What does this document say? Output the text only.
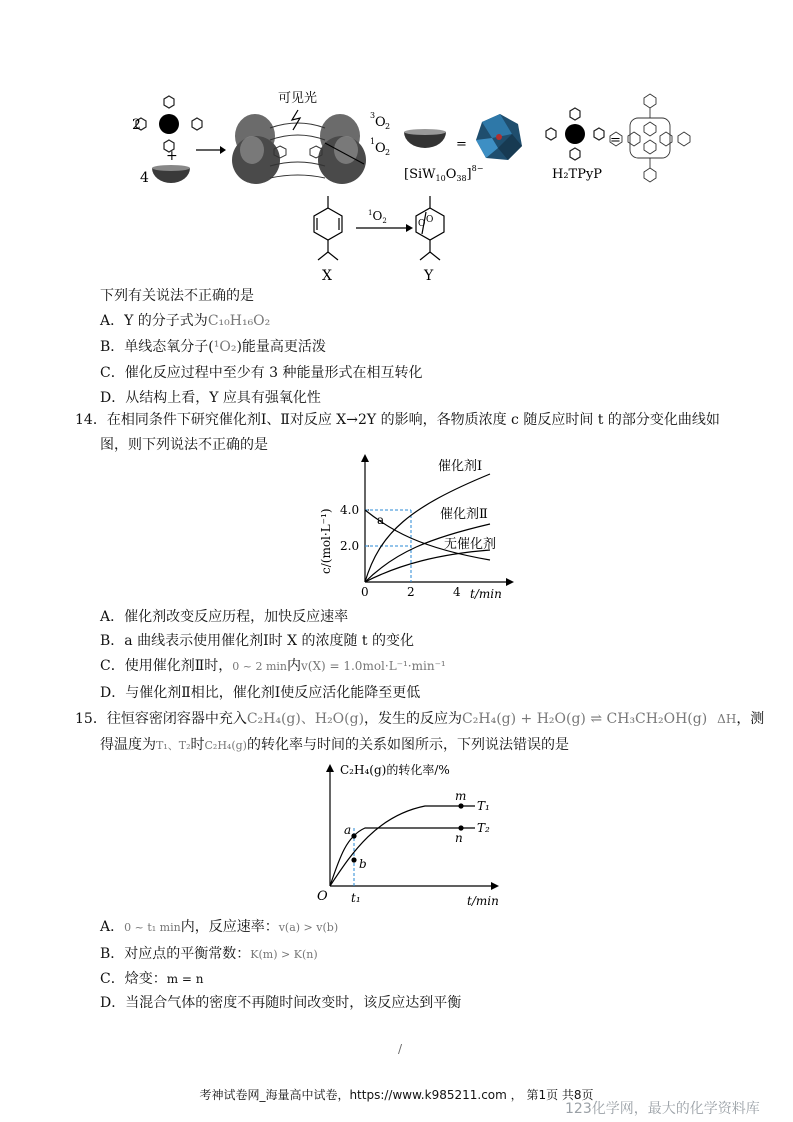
2
+
4
可见光
3 O 2
1 O 2
=
$[SiW_{10}O_{38}]^{8-}$
=
H₂TPyP
X
$^1O_2$	O O
Y
下列有关说法不正确的是
A．Y 的分子式为C₁₀H₁₆O₂
B．单线态氧分子(¹O₂)能量高更活泼
C．催化反应过程中至少有 3 种能量形式在相互转化
D．从结构上看，Y 应具有强氧化性
14．在相同条件下研究催化剂Ⅰ、Ⅱ对反应 X→2Y 的影响，各物质浓度 c 随反应时间 t 的部分变化曲线如
图，则下列说法不正确的是
4.0
2.0
0	2	4 t/min
c/(mol·L⁻¹)
催化剂Ⅰ
催化剂Ⅱ
无催化剂
a
A．催化剂改变反应历程，加快反应速率
B．a 曲线表示使用催化剂Ⅰ时 X 的浓度随 t 的变化
C．使用催化剂Ⅱ时，0 ~ 2 min内v(X) = 1.0mol·L⁻¹·min⁻¹
D．与催化剂Ⅱ相比，催化剂Ⅰ使反应活化能降至更低
15．往恒容密闭容器中充入C₂H₄(g)、H₂O(g)，发生的反应为C₂H₄(g) + H₂O(g) ⇌ CH₃CH₂OH(g) ΔH，测
得温度为T₁、T₂时C₂H₄(g)的转化率与时间的关系如图所示，下列说法错误的是
C₂H₄(g)的转化率/%
O t₁	t/min
a
b
m
n
T₁
T₂
A．0 ~ t₁ min内，反应速率：v(a) > v(b)
B．对应点的平衡常数：K(m) > K(n)
C．焓变：m = n
D．当混合气体的密度不再随时间改变时，该反应达到平衡
/
考神试卷网_海量高中试卷，https://www.k985211.com ， 第1页 共8页
123化学网，最大的化学资料库
